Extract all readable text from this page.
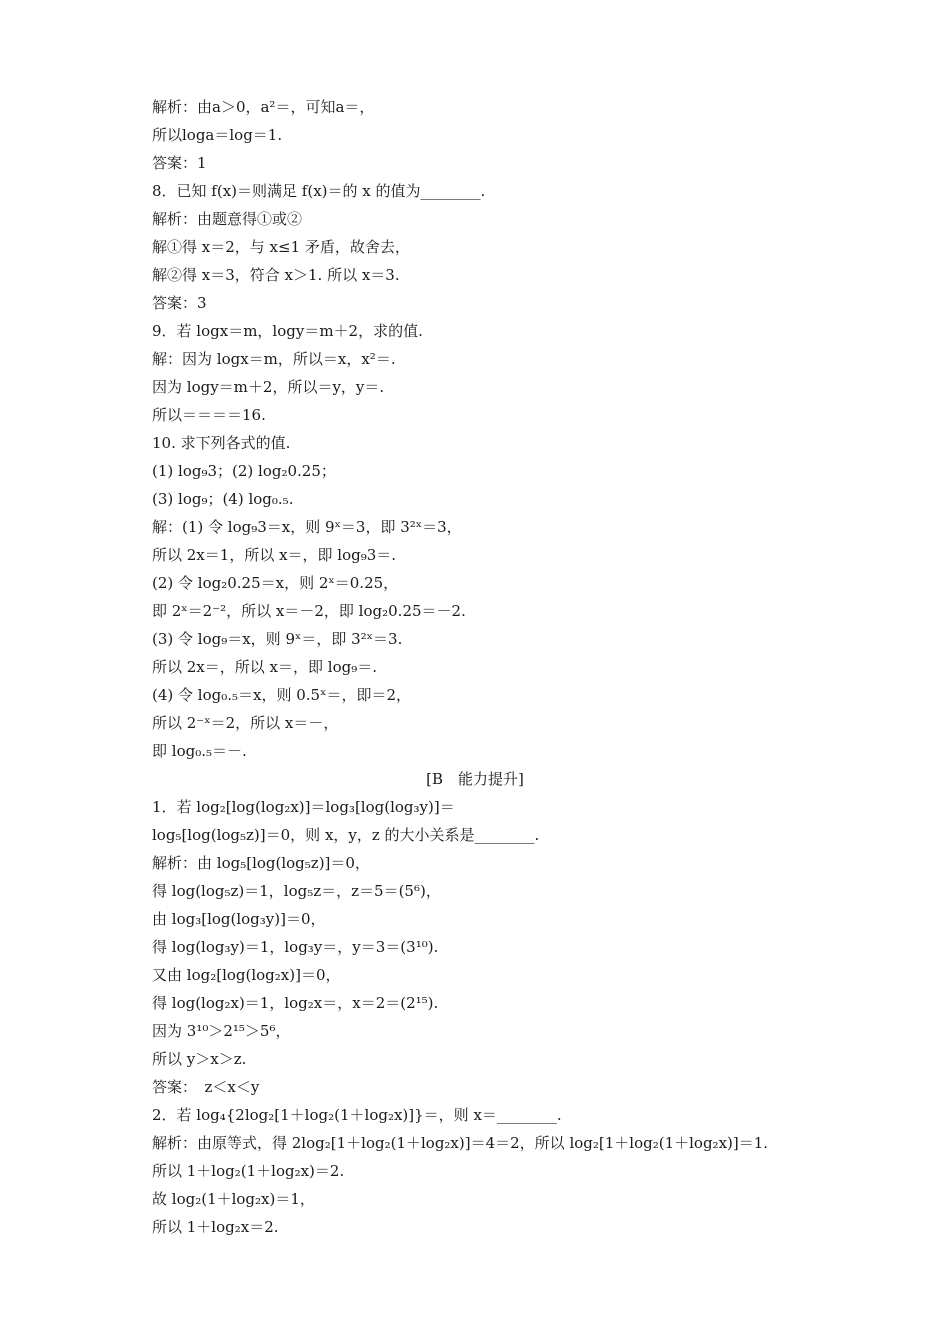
解析：由a＞0，a²＝，可知a＝，
所以loga＝log＝1.
答案：1
8．已知 f(x)＝则满足 f(x)＝的 x 的值为________.
解析：由题意得①或②
解①得 x＝2，与 x≤1 矛盾，故舍去，
解②得 x＝3，符合 x＞1. 所以 x＝3.
答案：3
9．若 logx＝m，logy＝m＋2，求的值.
解：因为 logx＝m，所以＝x，x²＝.
因为 logy＝m＋2，所以＝y，y＝.
所以＝＝＝＝16.
10. 求下列各式的值.
(1) log₉3；(2) log₂0.25；
(3) log₉；(4) log₀.₅.
解：(1) 令 log₉3＝x，则 9ˣ＝3，即 3²ˣ＝3，
所以 2x＝1，所以 x＝，即 log₉3＝.
(2) 令 log₂0.25＝x，则 2ˣ＝0.25，
即 2ˣ＝2⁻²，所以 x＝－2，即 log₂0.25＝－2.
(3) 令 log₉＝x，则 9ˣ＝，即 3²ˣ＝3.
所以 2x＝，所以 x＝，即 log₉＝.
(4) 令 log₀.₅＝x，则 0.5ˣ＝，即＝2，
所以 2⁻ˣ＝2，所以 x＝－，
即 log₀.₅＝－.
[B　能力提升]
1．若 log₂[log(log₂x)]＝log₃[log(log₃y)]＝
log₅[log(log₅z)]＝0，则 x，y，z 的大小关系是________.
解析：由 log₅[log(log₅z)]＝0，
得 log(log₅z)＝1，log₅z＝，z＝5＝(5⁶)，
由 log₃[log(log₃y)]＝0，
得 log(log₃y)＝1，log₃y＝，y＝3＝(3¹⁰).
又由 log₂[log(log₂x)]＝0，
得 log(log₂x)＝1，log₂x＝，x＝2＝(2¹⁵).
因为 3¹⁰＞2¹⁵＞5⁶，
所以 y＞x＞z.
答案：　z＜x＜y
2．若 log₄{2log₂[1＋log₂(1＋log₂x)]}＝，则 x＝________.
解析：由原等式，得 2log₂[1＋log₂(1＋log₂x)]＝4＝2，所以 log₂[1＋log₂(1＋log₂x)]＝1.
所以 1＋log₂(1＋log₂x)＝2.
故 log₂(1＋log₂x)＝1，
所以 1＋log₂x＝2.
